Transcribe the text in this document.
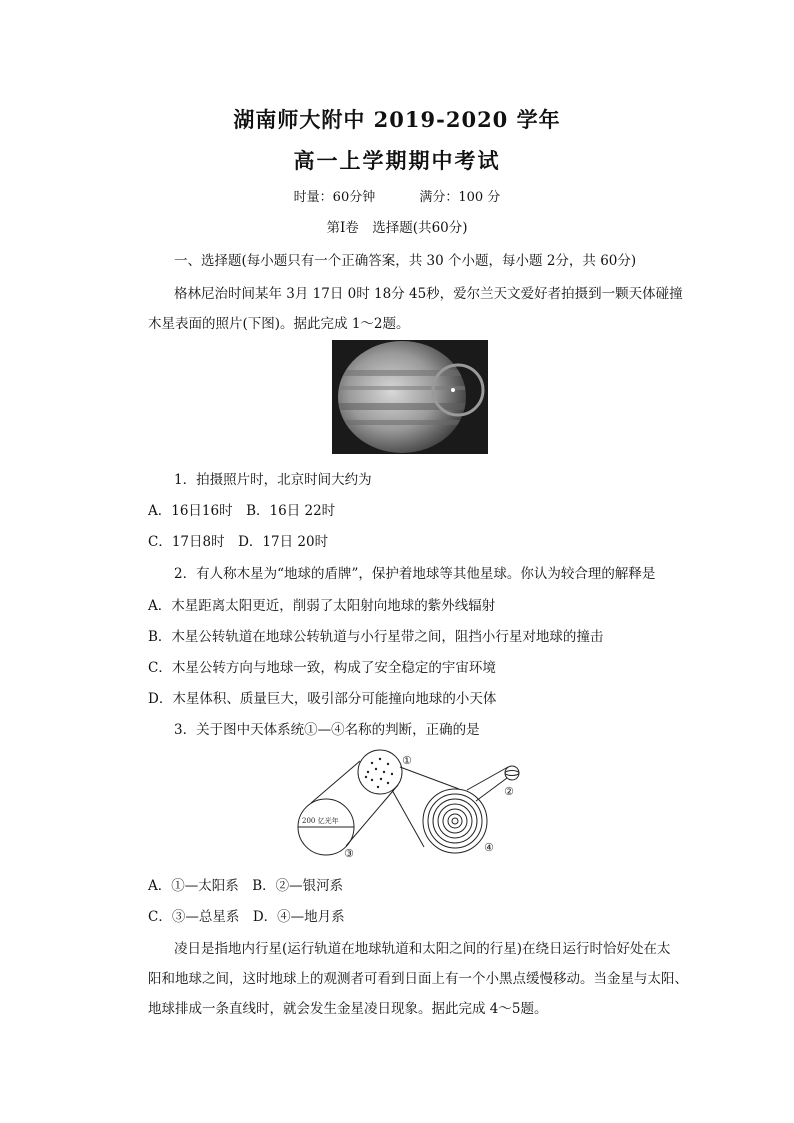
湖南师大附中 2019-2020 学年
高一上学期期中考试
时量：60分钟	满分：100 分
第Ⅰ卷　选择题(共60分)
一、选择题(每小题只有一个正确答案，共 30 个小题，每小题 2分，共 60分)
格林尼治时间某年 3月 17日 0时 18分 45秒，爱尔兰天文爱好者拍摄到一颗天体碰撞
木星表面的照片(下图)。据此完成 1～2题。
1．拍摄照片时，北京时间大约为
A．16日16时　B．16日 22时
C．17日8时　D．17日 20时
2．有人称木星为“地球的盾牌”，保护着地球等其他星球。你认为较合理的解释是
A．木星距离太阳更近，削弱了太阳射向地球的紫外线辐射
B．木星公转轨道在地球公转轨道与小行星带之间，阻挡小行星对地球的撞击
C．木星公转方向与地球一致，构成了安全稳定的宇宙环境
D．木星体积、质量巨大，吸引部分可能撞向地球的小天体
3．关于图中天体系统①—④名称的判断，正确的是
200 亿光年
①
②
③	④
A．①—太阳系　B．②—银河系
C．③—总星系　D．④—地月系
凌日是指地内行星(运行轨道在地球轨道和太阳之间的行星)在绕日运行时恰好处在太
阳和地球之间，这时地球上的观测者可看到日面上有一个小黑点缓慢移动。当金星与太阳、
地球排成一条直线时，就会发生金星凌日现象。据此完成 4～5题。
